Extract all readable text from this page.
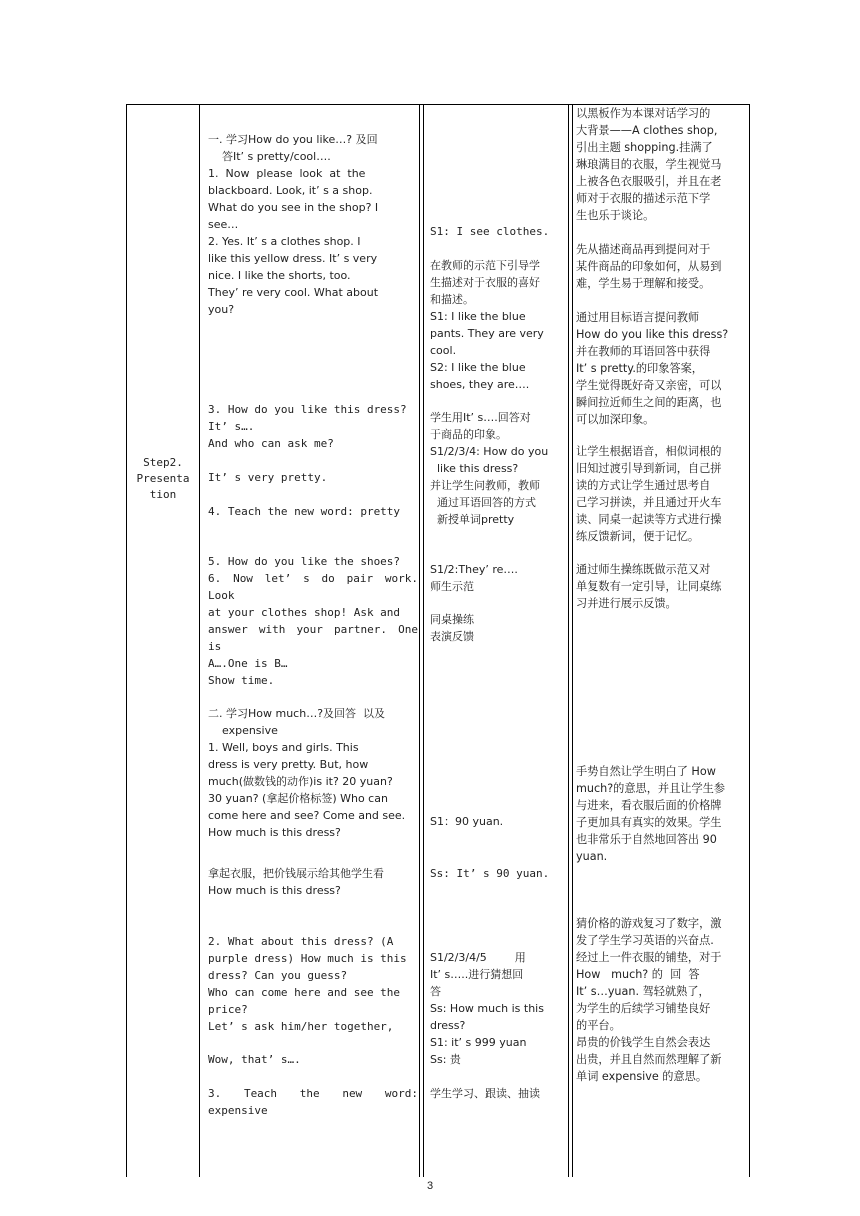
Step2.
Presenta
tion
一. 学习How do you like…? 及回
答It’ s pretty/cool….
1.  Now  please  look  at  the
blackboard. Look, it’ s a shop.
What do you see in the shop? I
see…
2. Yes. It’ s a clothes shop. I
like this yellow dress. It’ s very
nice. I like the shorts, too.
They’ re very cool. What about
you?
3. How do you like this dress?
It’ s….
And who can ask me?
It’ s very pretty.
4. Teach the new word: pretty
5. How do you like the shoes?
6. Now let’ s do pair work. Look
at your clothes shop! Ask and
answer with your partner. One is
A….One is B…
Show time.
二. 学习How much…?及回答  以及
expensive
1. Well, boys and girls. This
dress is very pretty. But, how
much(做数钱的动作)is it? 20 yuan?
30 yuan? (拿起价格标签) Who can
come here and see? Come and see.
How much is this dress?
拿起衣服，把价钱展示给其他学生看
How much is this dress?
2. What about this dress? (A
purple dress) How much is this
dress? Can you guess?
Who can come here and see the
price?
Let’ s ask him/her together,
Wow, that’ s….
3. Teach the new word: expensive
S1: I see clothes.
在教师的示范下引导学
生描述对于衣服的喜好
和描述。
S1: I like the blue
pants. They are very
cool.
S2: I like the blue
shoes, they are….
学生用It’ s….回答对
于商品的印象。
S1/2/3/4: How do you
like this dress?
并让学生问教师，教师
通过耳语回答的方式
新授单词pretty
S1/2:They’ re….
师生示范
同桌操练
表演反馈
S1：90 yuan.
Ss: It’ s 90 yuan.
S1/2/3/4/5        用
It’ s…..进行猜想回
答
Ss: How much is this
dress?
S1: it’ s 999 yuan
Ss: 贵
学生学习、跟读、抽读
以黑板作为本课对话学习的
大背景——A clothes shop,
引出主题 shopping.挂满了
琳琅满目的衣服，学生视觉马
上被各色衣服吸引，并且在老
师对于衣服的描述示范下学
生也乐于谈论。
先从描述商品再到提问对于
某件商品的印象如何，从易到
难，学生易于理解和接受。
通过用目标语言提问教师
How do you like this dress?
并在教师的耳语回答中获得
It’ s pretty.的印象答案，
学生觉得既好奇又亲密，可以
瞬间拉近师生之间的距离，也
可以加深印象。
让学生根据语音，相似词根的
旧知过渡引导到新词，自己拼
读的方式让学生通过思考自
己学习拼读，并且通过开火车
读、同桌一起读等方式进行操
练反馈新词，便于记忆。
通过师生操练既做示范又对
单复数有一定引导，让同桌练
习并进行展示反馈。
手势自然让学生明白了 How
much?的意思，并且让学生参
与进来，看衣服后面的价格牌
子更加具有真实的效果。学生
也非常乐于自然地回答出 90
yuan.
猜价格的游戏复习了数字，激
发了学生学习英语的兴奋点.
经过上一件衣服的铺垫，对于
How   much? 的  回  答
It’ s…yuan. 驾轻就熟了，
为学生的后续学习铺垫良好
的平台。
昂贵的价钱学生自然会表达
出贵，并且自然而然理解了新
单词 expensive 的意思。
3
